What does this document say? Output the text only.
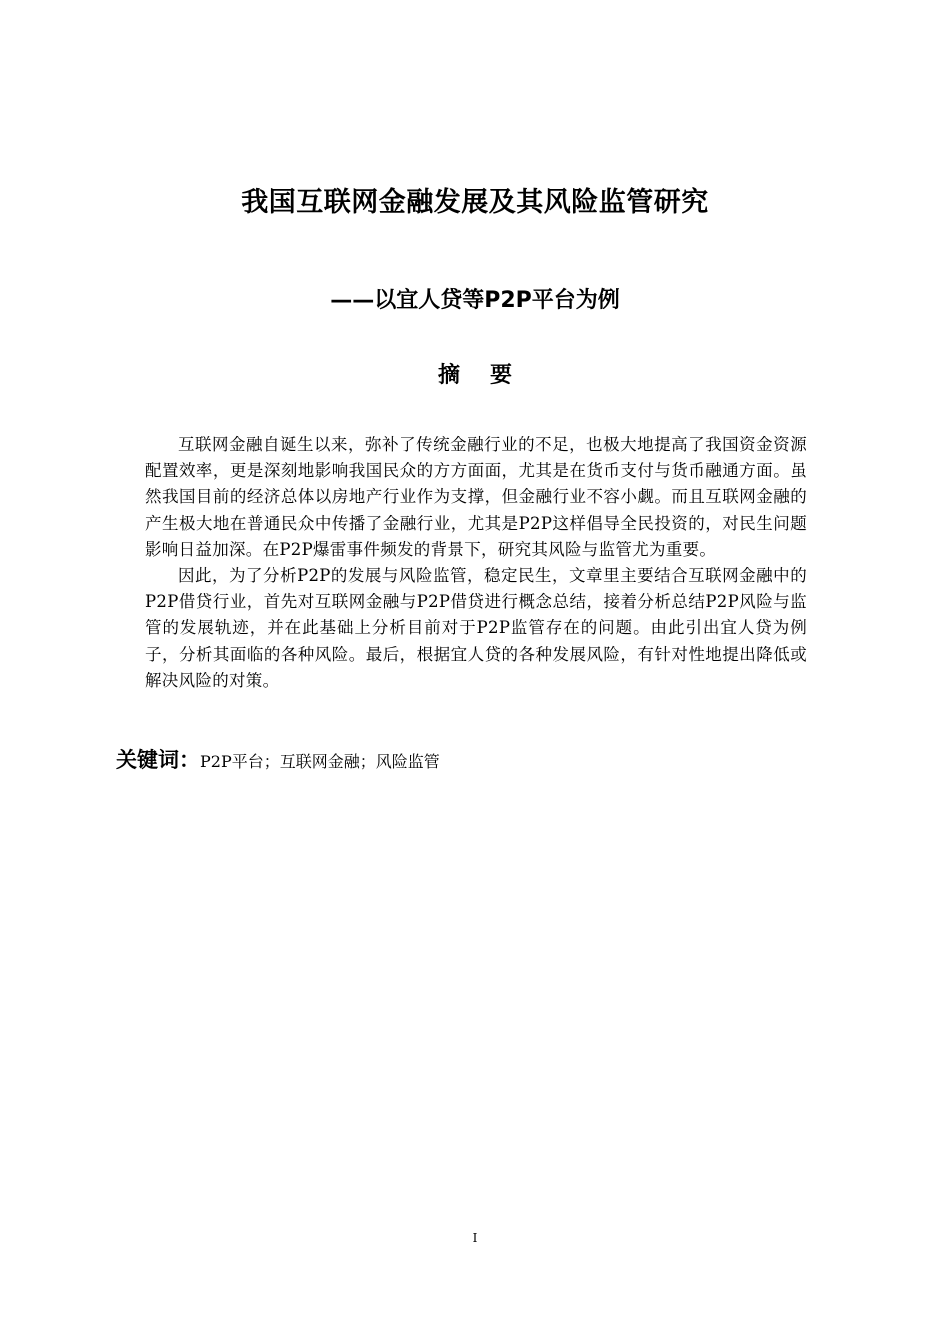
我国互联网金融发展及其风险监管研究
——以宜人贷等P2P平台为例
摘要

互联网金融自诞生以来，弥补了传统金融行业的不足，也极大地提高了我国资金资源配置效率，更是深刻地影响我国民众的方方面面，尤其是在货币支付与货币融通方面。虽然我国目前的经济总体以房地产行业作为支撑，但金融行业不容小觑。而且互联网金融的产生极大地在普通民众中传播了金融行业，尤其是P2P这样倡导全民投资的，对民生问题影响日益加深。在P2P爆雷事件频发的背景下，研究其风险与监管尤为重要。

因此，为了分析P2P的发展与风险监管，稳定民生，文章里主要结合互联网金融中的P2P借贷行业，首先对互联网金融与P2P借贷进行概念总结，接着分析总结P2P风险与监管的发展轨迹，并在此基础上分析目前对于P2P监管存在的问题。由此引出宜人贷为例子，分析其面临的各种风险。最后，根据宜人贷的各种发展风险，有针对性地提出降低或解决风险的对策。

关键词：P2P平台；互联网金融；风险监管
I
